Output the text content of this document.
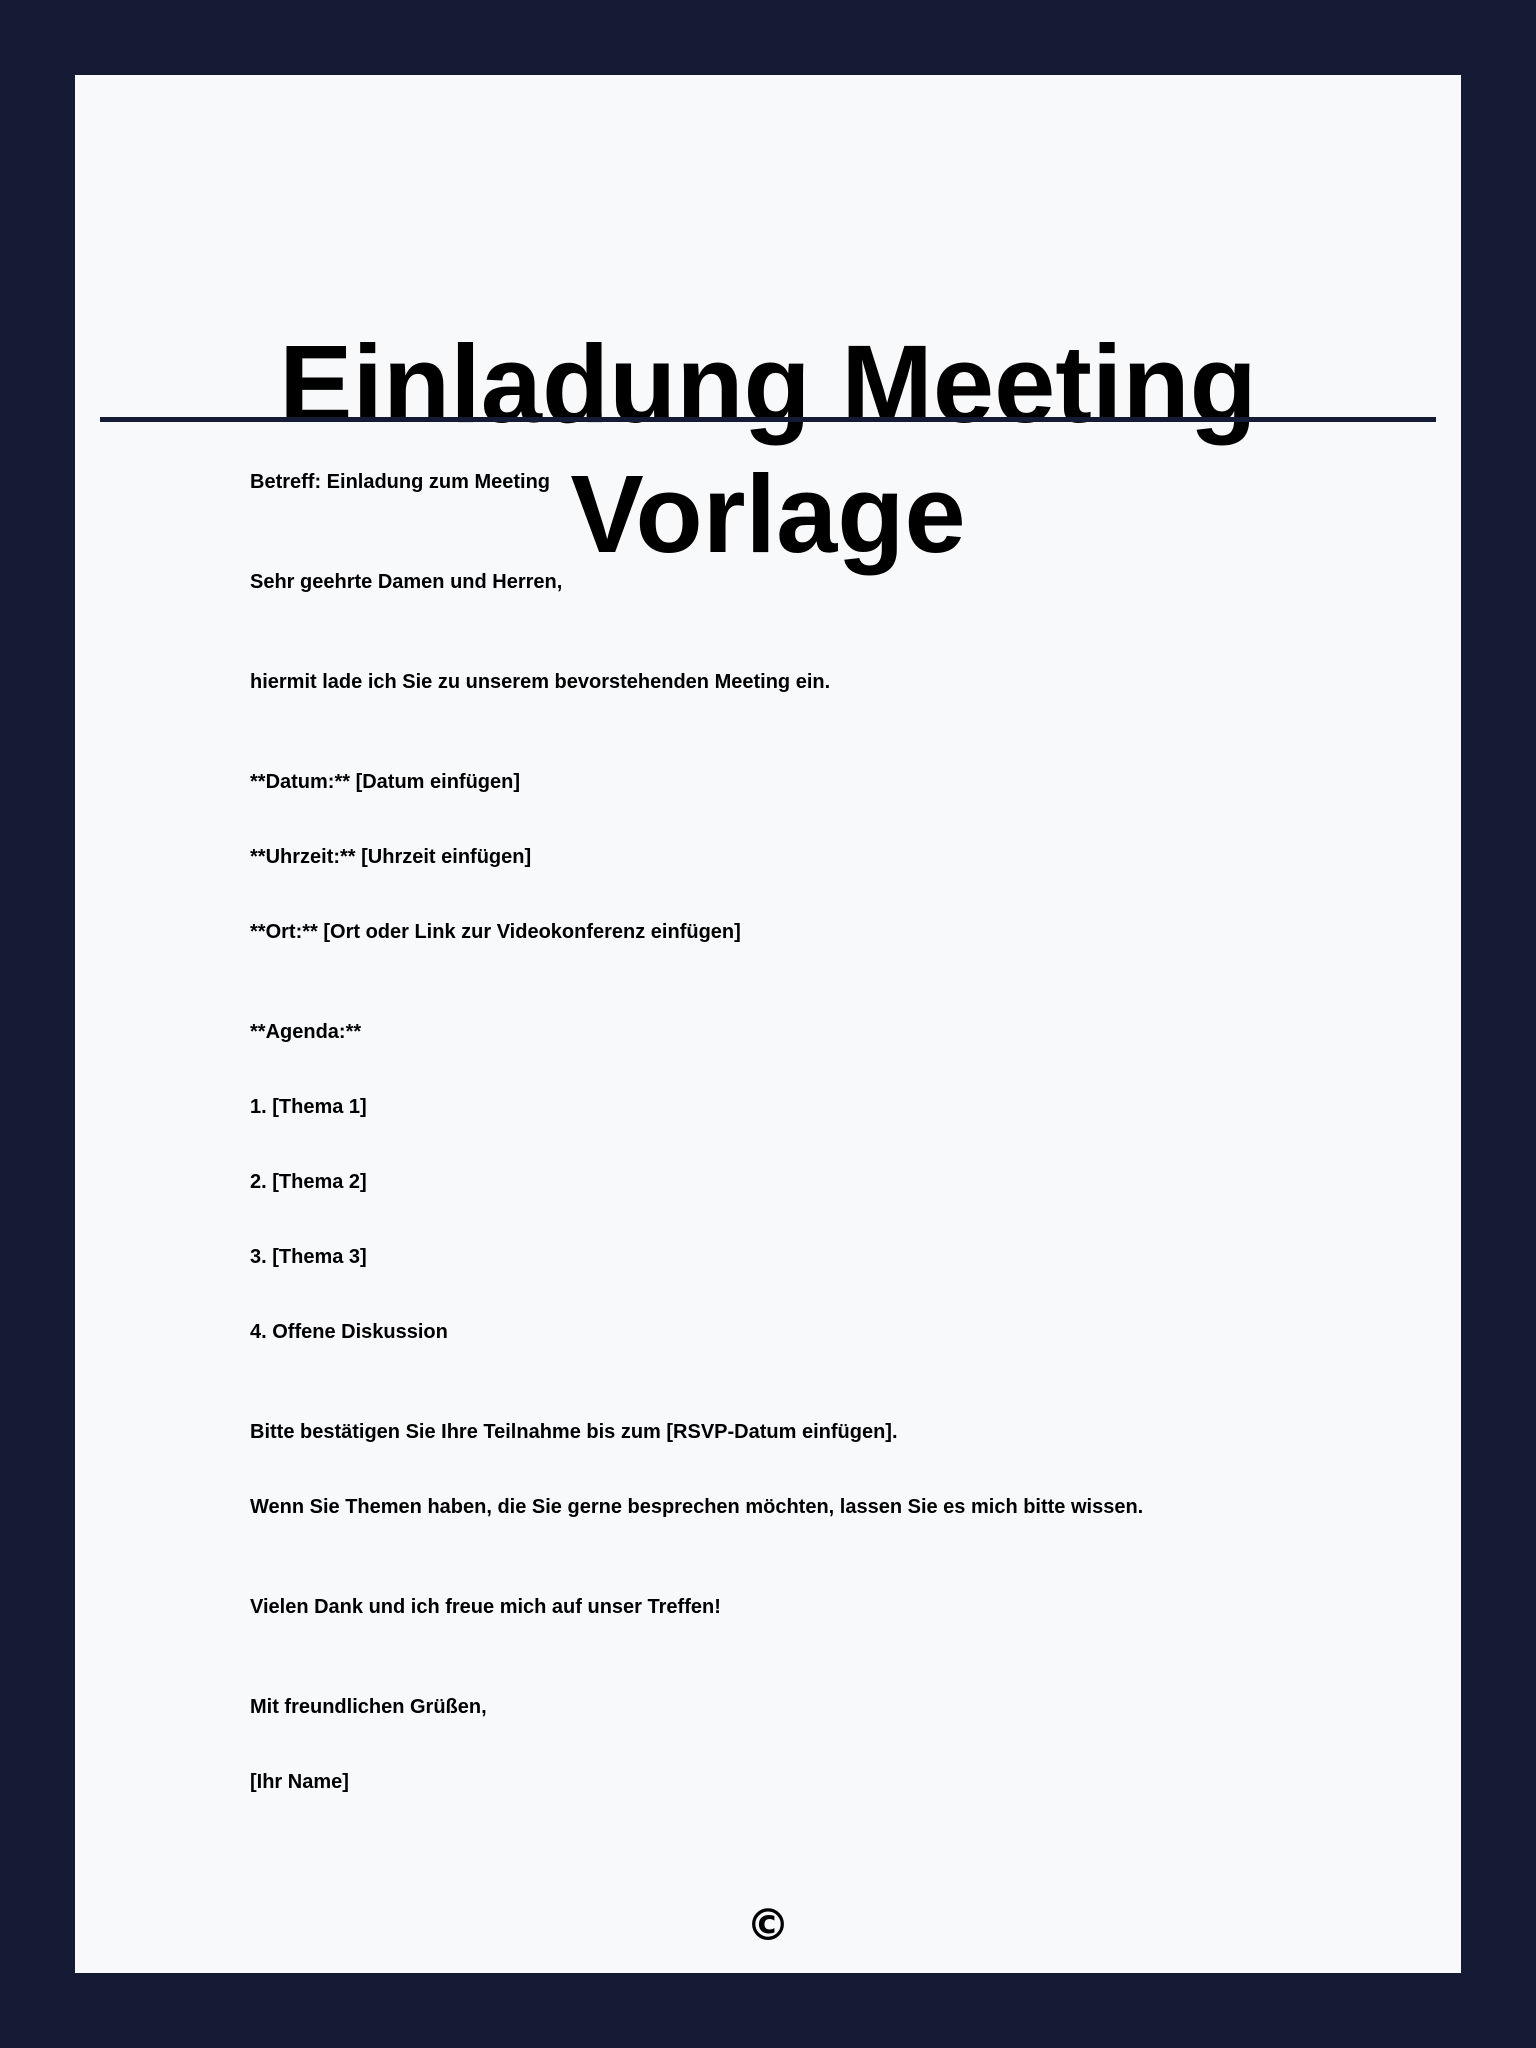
Einladung Meeting Vorlage
Betreff: Einladung zum Meeting
Sehr geehrte Damen und Herren,
hiermit lade ich Sie zu unserem bevorstehenden Meeting ein.
**Datum:** [Datum einfügen]
**Uhrzeit:** [Uhrzeit einfügen]
**Ort:** [Ort oder Link zur Videokonferenz einfügen]
**Agenda:**
1. [Thema 1]
2. [Thema 2]
3. [Thema 3]
4. Offene Diskussion
Bitte bestätigen Sie Ihre Teilnahme bis zum [RSVP-Datum einfügen].
Wenn Sie Themen haben, die Sie gerne besprechen möchten, lassen Sie es mich bitte wissen.
Vielen Dank und ich freue mich auf unser Treffen!
Mit freundlichen Grüßen,
[Ihr Name]
©
